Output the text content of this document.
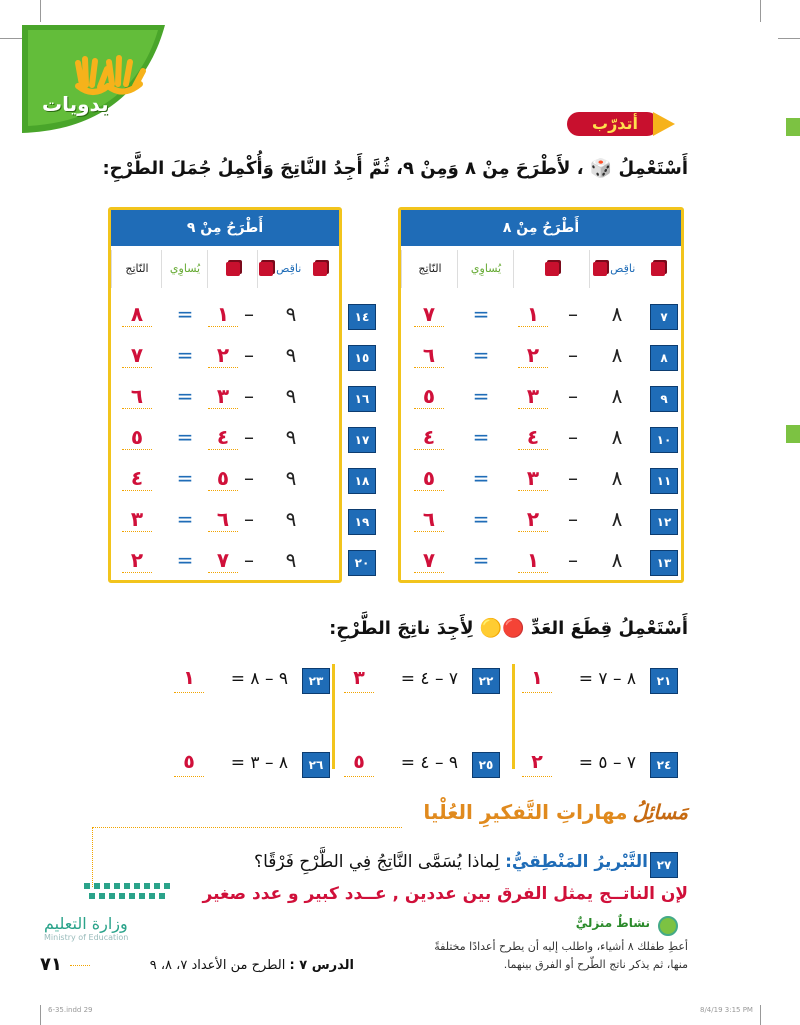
يدويات
أتدرّب
أَسْتَعْمِلُ 🎲 ، لأَطْرَحَ مِنْ ٨ وَمِنْ ٩، ثُمَّ أَجِدُ النَّاتِجَ وَأُكْمِلُ جُمَلَ الطَّرْحِ:
أَطْرَحُ مِنْ ٨
ناقِص
يُساوِي
النّاتِج
٨
–
١
=
٧
٨
–
٢
=
٦
٨
–
٣
=
٥
٨
–
٤
=
٤
٨
–
٣
=
٥
٨
–
٢
=
٦
٨
–
١
=
٧
٧
٨
٩
١٠
١١
١٢
١٣
أَطْرَحُ مِنْ ٩
ناقِص
يُساوِي
النّاتِج
٩
–
١
=
٨
٩
–
٢
=
٧
٩
–
٣
=
٦
٩
–
٤
=
٥
٩
–
٥
=
٤
٩
–
٦
=
٣
٩
–
٧
=
٢
١٤
١٥
١٦
١٧
١٨
١٩
٢٠
أَسْتَعْمِلُ قِطَعَ العَدِّ 🔴🟡 لِأَجِدَ ناتِجَ الطَّرْحِ:
٢١
٨ – ٧ =
١
٢٢
٧ – ٤ =
٣
٢٣
٩ – ٨ =
١
٢٤
٧ – ٥ =
٢
٢٥
٩ – ٤ =
٥
٢٦
٨ – ٣ =
٥
مَسائِلُ مهاراتِ التَّفكيرِ العُلْيا
٢٧
التَّبْريرُ المَنْطِقيُّ: لِماذا يُسَمَّى النَّاتِجُ فِي الطَّرْحِ فَرْقًا؟
لإن الناتــج يمثل الفرق بين عددين , عــدد كبير و عدد صغير
وزارة التعليم
Ministry of Education
نشاطٌ منزليٌّ
أعطِ طفلك ٨ أشياء، واطلب إليه أن يطرح أعدادًا مختلفةً
منها، ثم يذكر ناتج الطّرح أو الفرق بينهما.
٧١	الدرس ٧ : الطرح من الأعداد ٧، ٨، ٩
6-35.indd 29	8/4/19 3:15 PM
